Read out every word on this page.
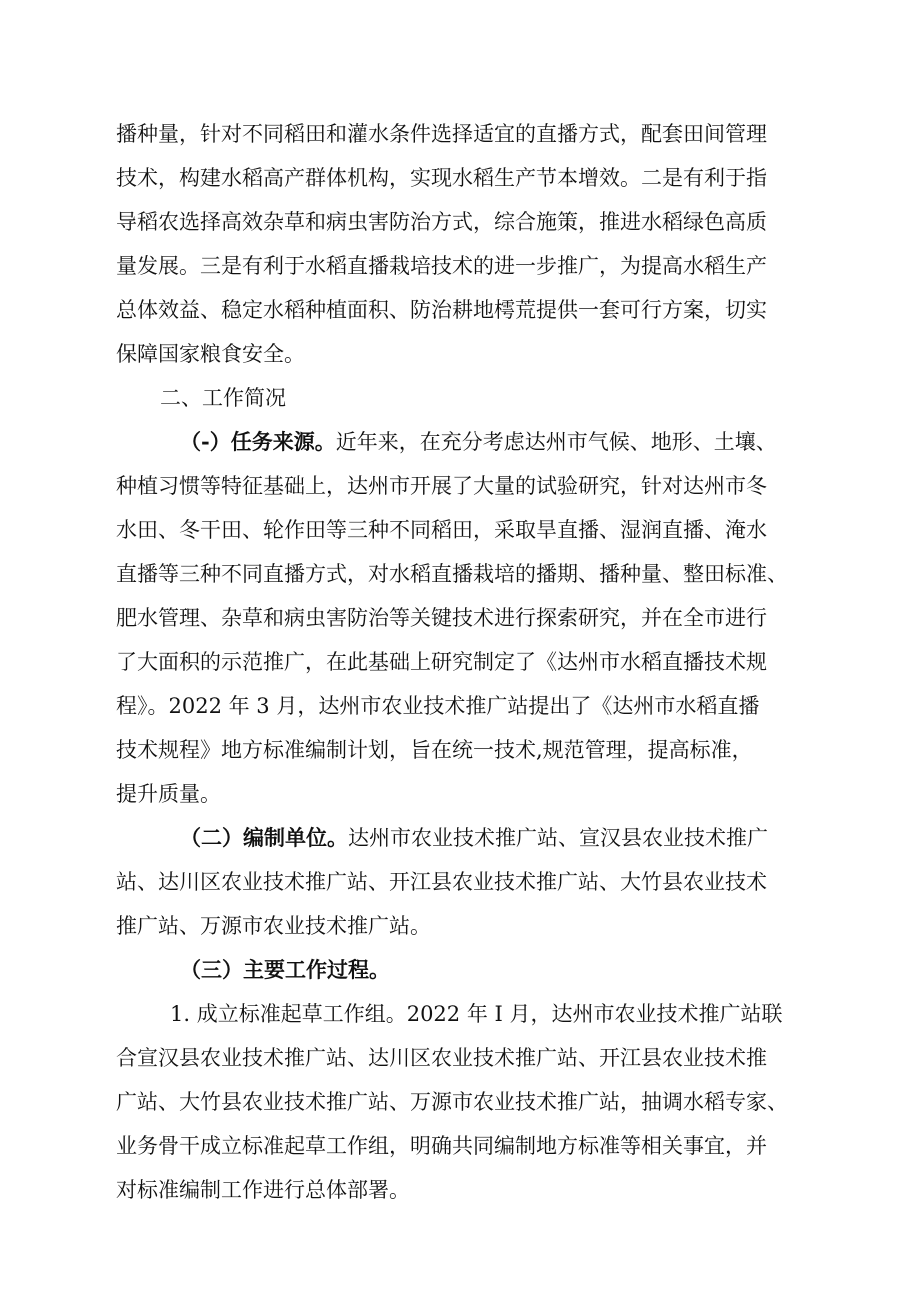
播种量，针对不同稻田和灌水条件选择适宜的直播方式，配套田间管理
技术，构建水稻高产群体机构，实现水稻生产节本增效。二是有利于指
导稻农选择高效杂草和病虫害防治方式，综合施策，推进水稻绿色高质
量发展。三是有利于水稻直播栽培技术的进一步推广，为提高水稻生产
总体效益、稳定水稻种植面积、防治耕地樗荒提供一套可行方案，切实
保障国家粮食安全。
二、工作简况
（-）任务来源。近年来，在充分考虑达州市气候、地形、土壤、
种植习惯等特征基础上，达州市开展了大量的试验研究，针对达州市冬
水田、冬干田、轮作田等三种不同稻田，采取旱直播、湿润直播、淹水
直播等三种不同直播方式，对水稻直播栽培的播期、播种量、整田标准、
肥水管理、杂草和病虫害防治等关键技术进行探索研究，并在全市进行
了大面积的示范推广，在此基础上研究制定了《达州市水稻直播技术规
程》。2022 年 3 月，达州市农业技术推广站提出了《达州市水稻直播
技术规程》地方标准编制计划，旨在统一技术,规范管理，提高标准，
提升质量。
（二）编制单位。达州市农业技术推广站、宣汉县农业技术推广
站、达川区农业技术推广站、开江县农业技术推广站、大竹县农业技术
推广站、万源市农业技术推广站。
（三）主要工作过程。
1. 成立标准起草工作组。2022 年 I 月，达州市农业技术推广站联
合宣汉县农业技术推广站、达川区农业技术推广站、开江县农业技术推
广站、大竹县农业技术推广站、万源市农业技术推广站，抽调水稻专家、
业务骨干成立标准起草工作组，明确共同编制地方标准等相关事宜，并
对标准编制工作进行总体部署。
